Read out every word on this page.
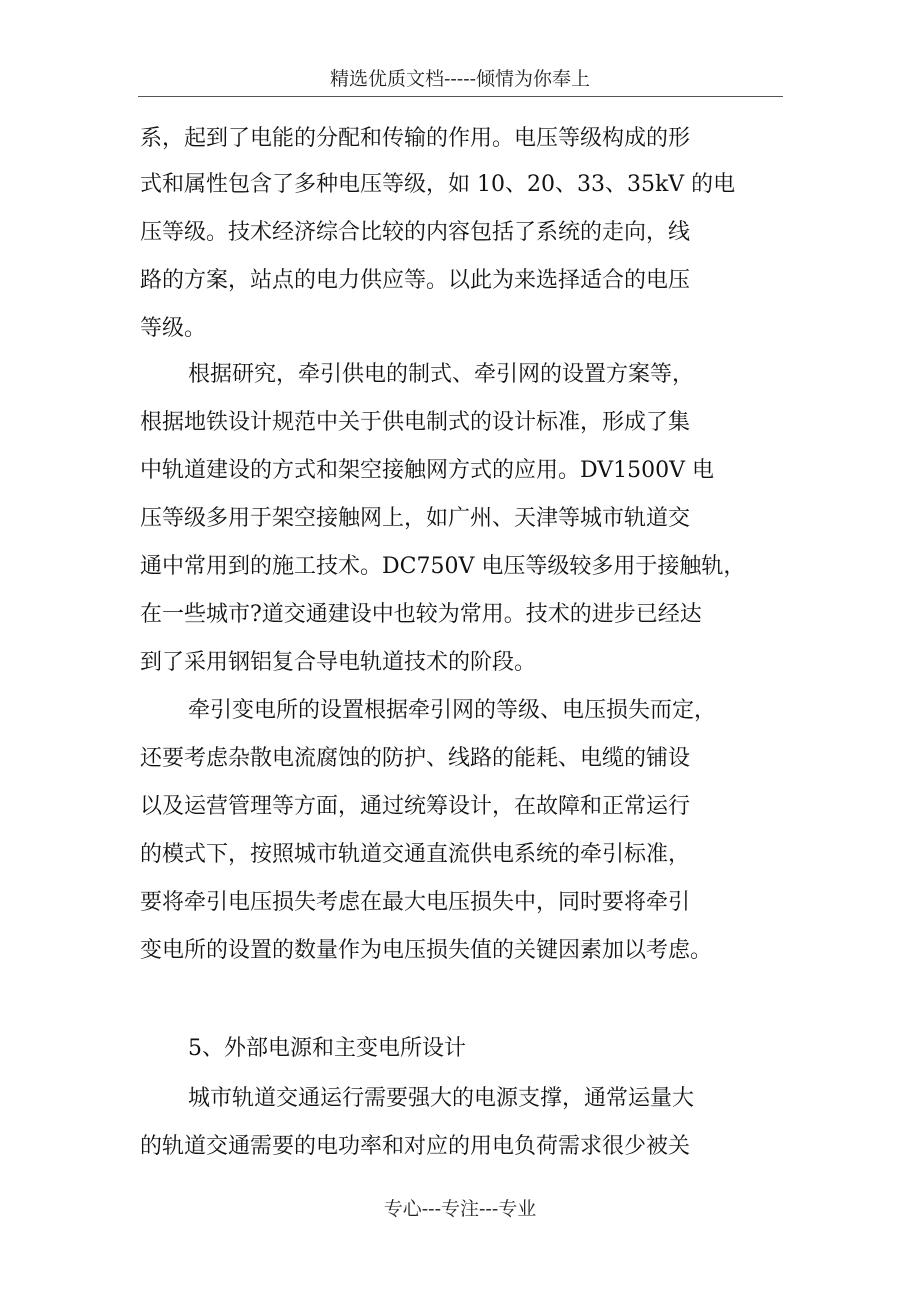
精选优质文档-----倾情为你奉上
系，起到了电能的分配和传输的作用。电压等级构成的形
式和属性包含了多种电压等级，如 10、20、33、35kV 的电
压等级。技术经济综合比较的内容包括了系统的走向，线
路的方案，站点的电力供应等。以此为来选择适合的电压
等级。
根据研究，牵引供电的制式、牵引网的设置方案等，
根据地铁设计规范中关于供电制式的设计标准，形成了集
中轨道建设的方式和架空接触网方式的应用。DV1500V 电
压等级多用于架空接触网上，如广州、天津等城市轨道交
通中常用到的施工技术。DC750V 电压等级较多用于接触轨，
在一些城市?道交通建设中也较为常用。技术的进步已经达
到了采用钢铝复合导电轨道技术的阶段。
牵引变电所的设置根据牵引网的等级、电压损失而定，
还要考虑杂散电流腐蚀的防护、线路的能耗、电缆的铺设
以及运营管理等方面，通过统筹设计，在故障和正常运行
的模式下，按照城市轨道交通直流供电系统的牵引标准，
要将牵引电压损失考虑在最大电压损失中，同时要将牵引
变电所的设置的数量作为电压损失值的关键因素加以考虑。
5、外部电源和主变电所设计
城市轨道交通运行需要强大的电源支撑，通常运量大
的轨道交通需要的电功率和对应的用电负荷需求很少被关
专心---专注---专业
